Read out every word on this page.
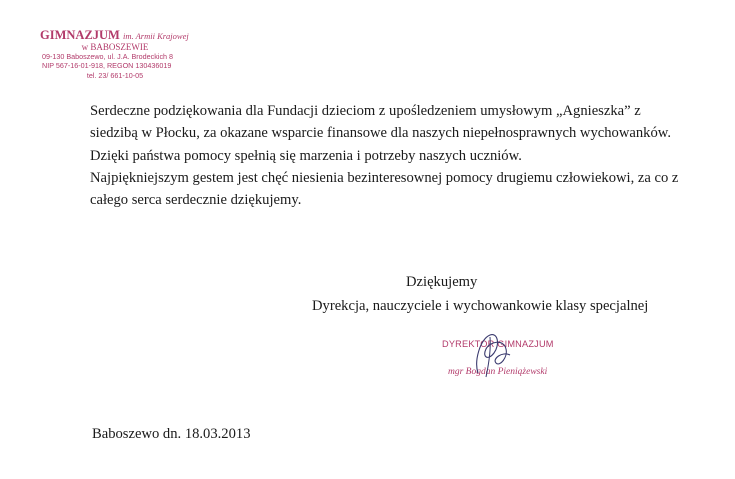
GIMNAZJUM im. Armii Krajowej
w BABOSZEWIE
09-130 Baboszewo, ul. J.A. Brodeckich 8
NIP 567-16-01-918, REGON 130436019
tel. 23/ 661-10-05

Serdeczne podziękowania dla Fundacji dzieciom z upośledzeniem umysłowym „Agnieszka” z siedzibą w Płocku, za okazane wsparcie finansowe dla naszych niepełnosprawnych wychowanków.

Dzięki państwa pomocy spełnią się marzenia i potrzeby naszych uczniów.

Najpiękniejszym gestem jest chęć niesienia bezinteresownej pomocy drugiemu człowiekowi, za co z całego serca serdecznie dziękujemy.

Dziękujemy
Dyrekcja, nauczyciele i wychowankowie klasy specjalnej
DYREKTOR GIMNAZJUM
mgr Bogdan Pieniążewski
Baboszewo dn. 18.03.2013
